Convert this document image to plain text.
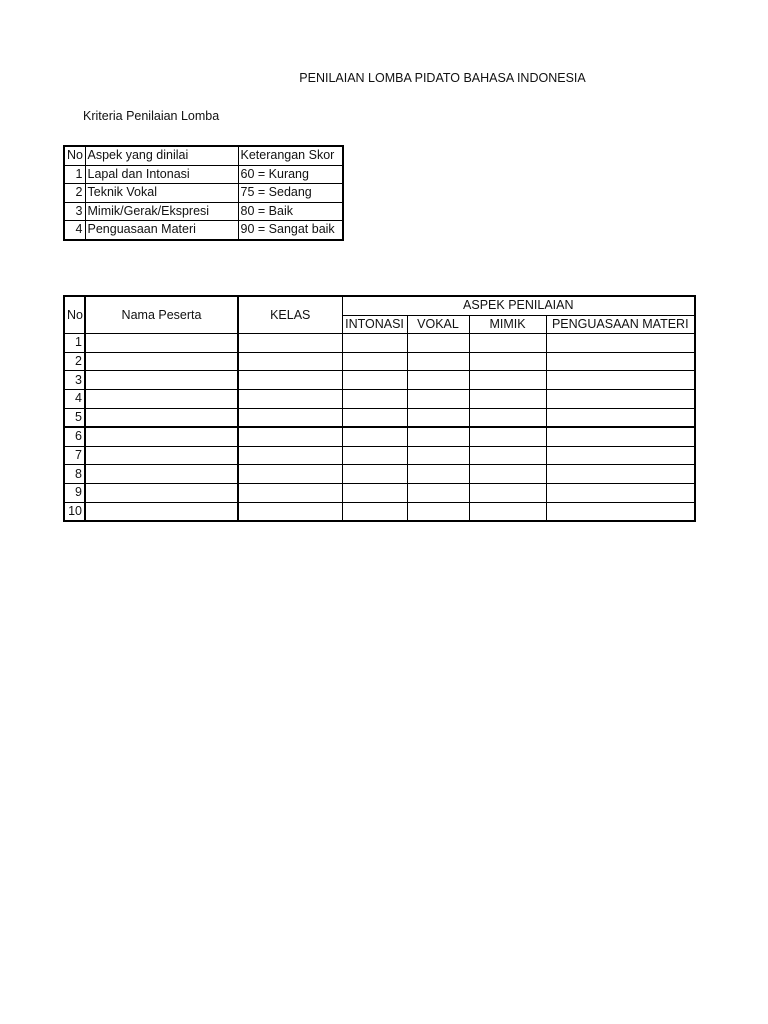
PENILAIAN LOMBA PIDATO BAHASA INDONESIA
Kriteria Penilaian Lomba
No	Aspek yang dinilai	Keterangan Skor
1	Lapal dan Intonasi	60 = Kurang
2	Teknik Vokal	75 = Sedang
3	Mimik/Gerak/Ekspresi	80 = Baik
4	Penguasaan Materi	90 = Sangat baik
No	Nama Peserta	KELAS	ASPEK PENILAIAN			
			INTONASI	VOKAL	MIMIK	PENGUASAAN MATERI
1						
2						
3						
4						
5						
6						
7						
8						
9						
10						
